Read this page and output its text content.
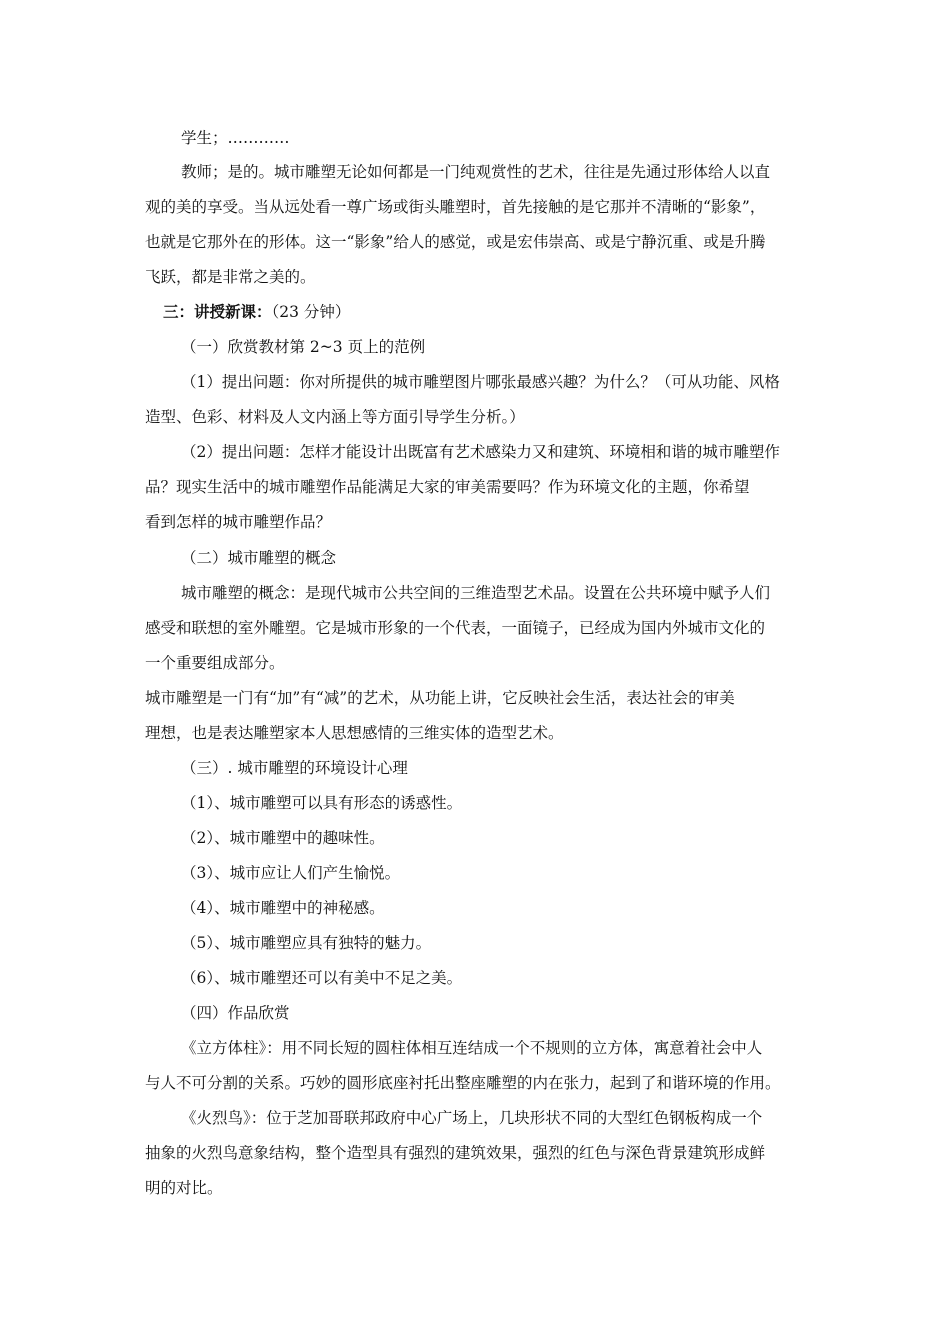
学生；…………
教师；是的。城市雕塑无论如何都是一门纯观赏性的艺术，往往是先通过形体给人以直
观的美的享受。当从远处看一尊广场或街头雕塑时，首先接触的是它那并不清晰的“影象”，
也就是它那外在的形体。这一“影象”给人的感觉，或是宏伟崇高、或是宁静沉重、或是升腾
飞跃，都是非常之美的。
三：讲授新课：（23 分钟）
（一）欣赏教材第 2~3 页上的范例
（1）提出问题：你对所提供的城市雕塑图片哪张最感兴趣？为什么？（可从功能、风格
造型、色彩、材料及人文内涵上等方面引导学生分析。）
（2）提出问题：怎样才能设计出既富有艺术感染力又和建筑、环境相和谐的城市雕塑作
品？现实生活中的城市雕塑作品能满足大家的审美需要吗？作为环境文化的主题，你希望
看到怎样的城市雕塑作品？
（二）城市雕塑的概念
城市雕塑的概念：是现代城市公共空间的三维造型艺术品。设置在公共环境中赋予人们
感受和联想的室外雕塑。它是城市形象的一个代表，一面镜子，已经成为国内外城市文化的
一个重要组成部分。
城市雕塑是一门有“加”有“减”的艺术，从功能上讲，它反映社会生活，表达社会的审美
理想，也是表达雕塑家本人思想感情的三维实体的造型艺术。
（三）. 城市雕塑的环境设计心理
（1）、城市雕塑可以具有形态的诱惑性。
（2）、城市雕塑中的趣味性。
（3）、城市应让人们产生愉悦。
（4）、城市雕塑中的神秘感。
（5）、城市雕塑应具有独特的魅力。
（6）、城市雕塑还可以有美中不足之美。
（四）作品欣赏
《立方体柱》：用不同长短的圆柱体相互连结成一个不规则的立方体，寓意着社会中人
与人不可分割的关系。巧妙的圆形底座衬托出整座雕塑的内在张力，起到了和谐环境的作用。
《火烈鸟》：位于芝加哥联邦政府中心广场上，几块形状不同的大型红色钢板构成一个
抽象的火烈鸟意象结构，整个造型具有强烈的建筑效果，强烈的红色与深色背景建筑形成鲜
明的对比。
